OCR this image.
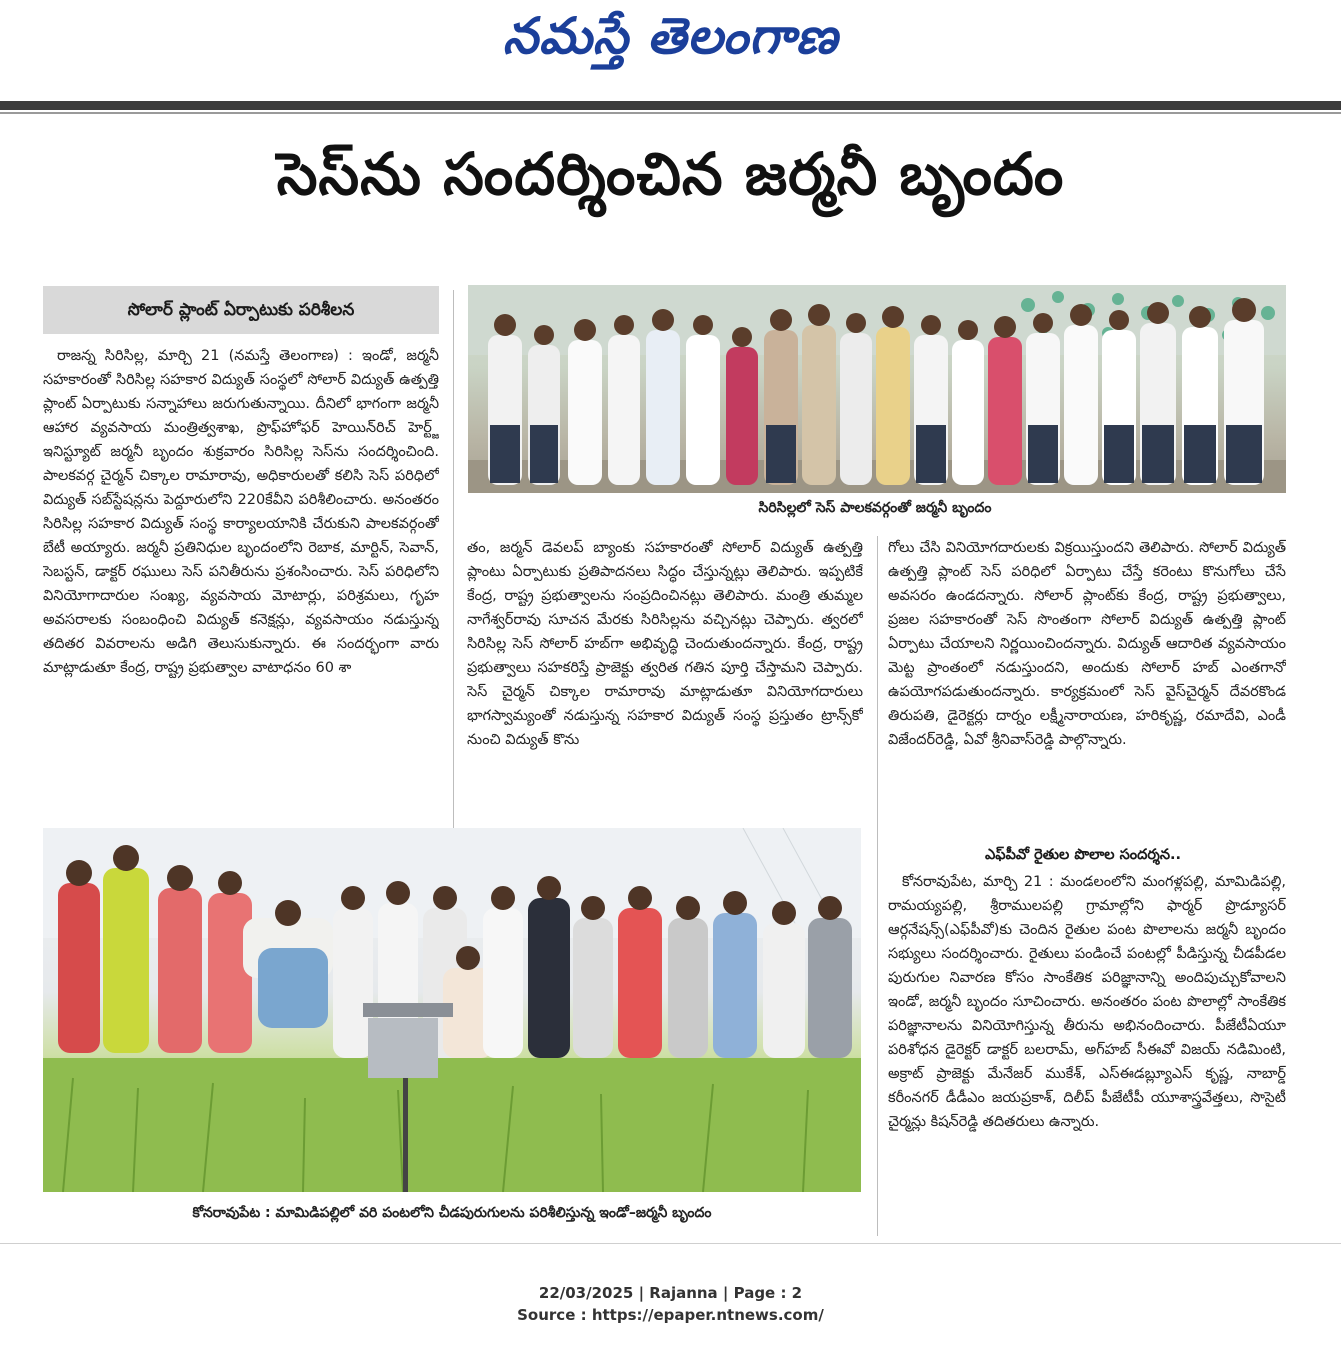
నమస్తే తెలంగాణ
సెస్‌ను సందర్శించిన జర్మనీ బృందం
సోలార్‌ ప్లాంట్‌ ఏర్పాటుకు పరిశీలన
సిరిసిల్లలో సెస్‌ పాలకవర్గంతో జర్మనీ బృందం

రాజన్న సిరిసిల్ల, మార్చి 21 (నమస్తే తెలంగాణ) : ఇండో, జర్మనీ సహకారంతో సిరిసిల్ల సహకార విద్యుత్‌ సంస్థలో సోలార్‌ విద్యుత్‌ ఉత్పత్తి ప్లాంట్‌ ఏర్పాటుకు సన్నాహాలు జరుగుతున్నాయి. దీనిలో భాగంగా జర్మనీ ఆహార వ్యవసాయ మంత్రిత్వశాఖ, ప్రొఫ్‌హోఫర్‌ హెయిన్‌రిచ్‌ హెర్ట్జ్‌ ఇనిస్ట్యూట్‌ జర్మనీ బృందం శుక్రవారం సిరిసిల్ల సెస్‌ను సందర్శించింది. పాలకవర్గ చైర్మన్‌ చిక్కాల రామారావు, అధికారులతో కలిసి సెస్‌ పరిధిలో విద్యుత్‌ సబ్‌స్టేషన్లను పెద్దూరులోని 220కేవీని పరిశీలించారు. అనంతరం సిరిసిల్ల సహకార విద్యుత్‌ సంస్థ కార్యాలయానికి చేరుకుని పాలకవర్గంతో బేటీ అయ్యారు. జర్మనీ ప్రతినిధుల బృందంలోని రెబాక, మార్టిన్‌, సెవాన్‌, సెబస్టన్‌, డాక్టర్‌ రఘులు సెస్‌ పనితీరును ప్రశంసించారు. సెస్‌ పరిధిలోని వినియోగాదారుల సంఖ్య, వ్యవసాయ మోటార్లు, పరిశ్రమలు, గృహ అవసరాలకు సంబంధించి విద్యుత్‌ కనెక్షన్లు, వ్యవసాయం నడుస్తున్న తదితర వివరాలను అడిగి తెలుసుకున్నారు. ఈ సందర్భంగా వారు మాట్లాడుతూ కేంద్ర, రాష్ట్ర ప్రభుత్వాల వాటాధనం 60 శా

తం, జర్మన్‌ డెవలప్‌ బ్యాంకు సహకారంతో సోలార్‌ విద్యుత్‌ ఉత్పత్తి ప్లాంటు ఏర్పాటుకు ప్రతిపాదనలు సిద్ధం చేస్తున్నట్లు తెలిపారు. ఇప్పటికే కేంద్ర, రాష్ట్ర ప్రభుత్వాలను సంప్రదించినట్లు తెలిపారు. మంత్రి తుమ్మల నాగేశ్వర్‌రావు సూచన మేరకు సిరిసిల్లను వచ్చినట్లు చెప్పారు. త్వరలో సిరిసిల్ల సెస్‌ సోలార్‌ హబ్‌గా అభివృద్ధి చెందుతుందన్నారు. కేంద్ర, రాష్ట్ర ప్రభుత్వాలు సహకరిస్తే ప్రాజెక్టు త్వరిత గతిన పూర్తి చేస్తామని చెప్పారు. సెస్‌ చైర్మన్‌ చిక్కాల రామారావు మాట్లాడుతూ వినియోగదారులు భాగస్వామ్యంతో నడుస్తున్న సహకార విద్యుత్‌ సంస్థ ప్రస్తుతం ట్రాన్స్‌కో నుంచి విద్యుత్‌ కొను

గోలు చేసి వినియోగదారులకు విక్రయిస్తుందని తెలిపారు. సోలార్‌ విద్యుత్‌ ఉత్పత్తి ప్లాంట్‌ సెస్‌ పరిధిలో ఏర్పాటు చేస్తే కరెంటు కొనుగోలు చేసే అవసరం ఉండదన్నారు. సోలార్‌ ప్లాంట్‌కు కేంద్ర, రాష్ట్ర ప్రభుత్వాలు, ప్రజల సహకారంతో సెస్‌ సొంతంగా సోలార్‌ విద్యుత్‌ ఉత్పత్తి ప్లాంట్‌ ఏర్పాటు చేయాలని నిర్ణయించిందన్నారు. విద్యుత్‌ ఆదారిత వ్యవసాయం మెట్ట ప్రాంతంలో నడుస్తుందని, అందుకు సోలార్‌ హబ్‌ ఎంతగానో ఉపయోగపడుతుందన్నారు. కార్యక్రమంలో సెస్‌ వైస్‌చైర్మన్‌ దేవరకొండ తిరుపతి, డైరెక్టర్లు దార్నం లక్ష్మీనారాయణ, హరికృష్ణ, రమాదేవి, ఎండీ విజేందర్‌రెడ్డి, ఏవో శ్రీనివాస్‌రెడ్డి పాల్గొన్నారు.

ఎఫ్‌పీవో రైతుల పొలాల సందర్శన..

కోనరావుపేట, మార్చి 21 : మండలంలోని మంగళ్లపల్లి, మామిడిపల్లి, రామయ్యపల్లి, శ్రీరాములపల్లి గ్రామాల్లోని ఫార్మర్‌ ప్రొడ్యూసర్‌ ఆర్గనేషన్స్‌(ఎఫ్‌పీవో)కు చెందిన రైతుల పంట పొలాలను జర్మనీ బృందం సభ్యులు సందర్శించారు. రైతులు పండించే పంటల్లో పీడిస్తున్న చీడపీడల పురుగుల నివారణ కోసం సాంకేతిక పరిజ్ఞానాన్ని అందిపుచ్చుకోవాలని ఇండో, జర్మనీ బృందం సూచించారు. అనంతరం పంట పొలాల్లో సాంకేతిక పరిజ్ఞానాలను వినియోగిస్తున్న తీరును అభినందించారు. పీజేటీఏయూ పరిశోధన డైరెక్టర్‌ డాక్టర్‌ బలరామ్‌, అగ్‌హబ్‌ సీఈవో విజయ్‌ నడిమింటి, అక్రాట్‌ ప్రాజెక్టు మేనేజర్‌ ముకేశ్‌, ఎస్‌ఈడబ్ల్యూఎస్‌ కృష్ణ, నాబార్డ్‌ కరీంనగర్‌ డీడీఎం జయప్రకాశ్‌, దిలీప్‌ పీజేటీపీ యూశాస్త్రవేత్తలు, సొసైటీ చైర్మన్లు కిషన్‌రెడ్డి తదితరులు ఉన్నారు.

కోనరావుపేట : మామిడిపల్లిలో వరి పంటలోని చీడపురుగులను పరిశీలిస్తున్న ఇండో–జర్మనీ బృందం
22/03/2025 | Rajanna | Page : 2
Source : https://epaper.ntnews.com/
